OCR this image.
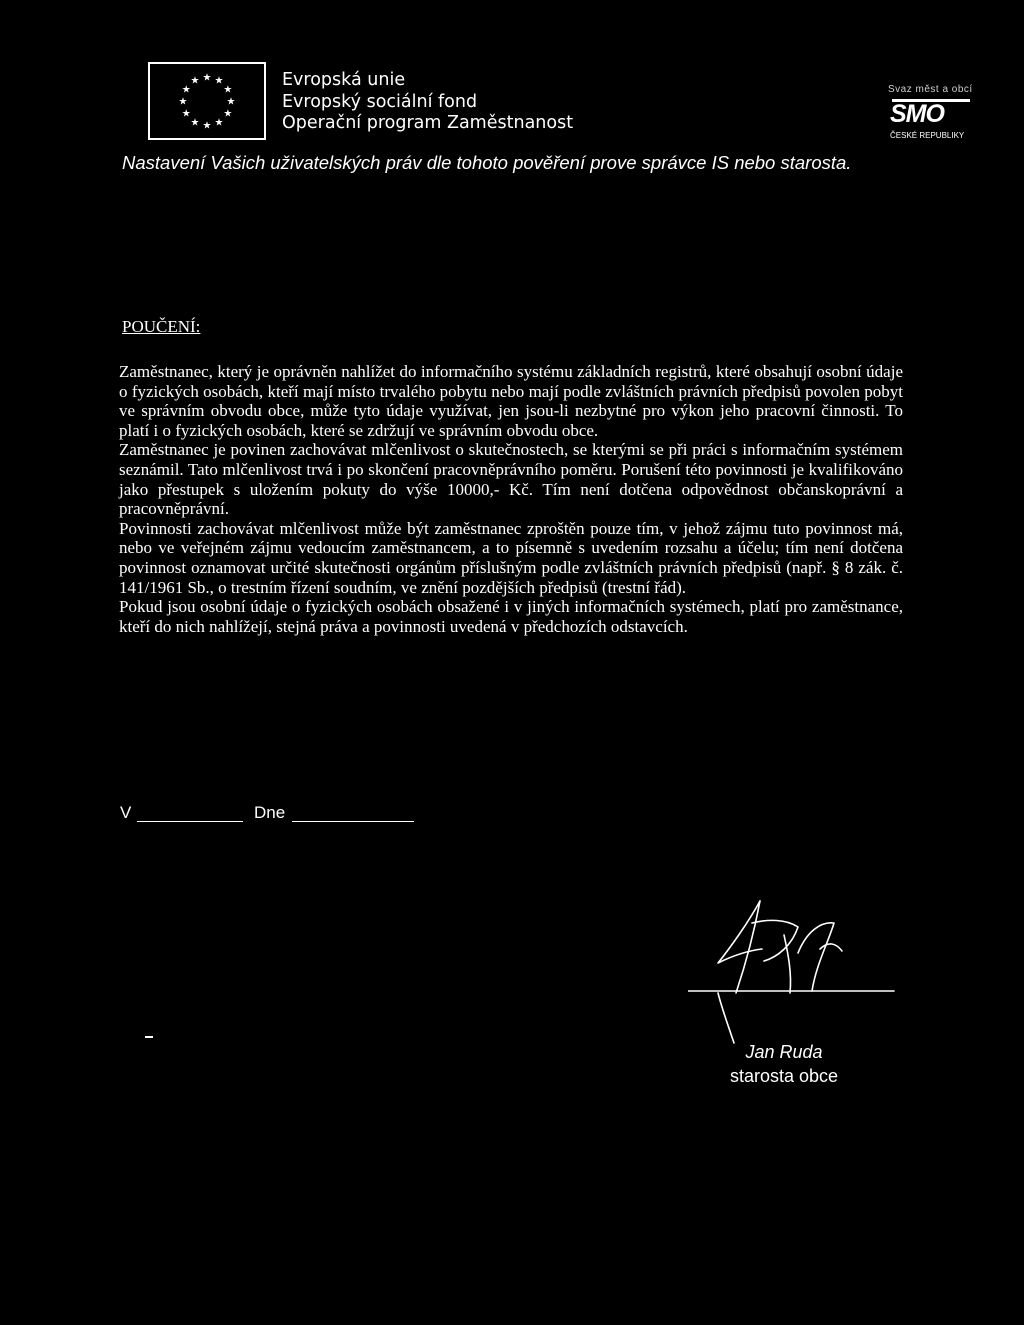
★ ★
★
★
★
★
★
★
★
★
★
★	Evropská unie
Evropský sociální fond
Operační program Zaměstnanost
Svaz měst a obcí
SMO
ČESKÉ REPUBLIKY
Nastavení Vašich uživatelských práv dle tohoto pověření prove správce IS nebo starosta.
POUČENÍ:

Zaměstnanec, který je oprávněn nahlížet do informačního systému základních registrů, které obsahují osobní údaje o fyzických osobách, kteří mají místo trvalého pobytu nebo mají podle zvláštních právních předpisů povolen pobyt ve správním obvodu obce, může tyto údaje využívat, jen jsou-li nezbytné pro výkon jeho pracovní činnosti. To platí i o fyzických osobách, které se zdržují ve správním obvodu obce.

Zaměstnanec je povinen zachovávat mlčenlivost o skutečnostech, se kterými se při práci s informačním systémem seznámil. Tato mlčenlivost trvá i po skončení pracovněprávního poměru. Porušení této povinnosti je kvalifikováno jako přestupek s uložením pokuty do výše 10000,- Kč. Tím není dotčena odpovědnost občanskoprávní a pracovněprávní.

Povinnosti zachovávat mlčenlivost může být zaměstnanec zproštěn pouze tím, v jehož zájmu tuto povinnost má, nebo ve veřejném zájmu vedoucím zaměstnancem, a to písemně s uvedením rozsahu a účelu; tím není dotčena povinnost oznamovat určité skutečnosti orgánům příslušným podle zvláštních právních předpisů (např. § 8 zák. č. 141/1961 Sb., o trestním řízení soudním, ve znění pozdějších předpisů (trestní řád).

Pokud jsou osobní údaje o fyzických osobách obsažené i v jiných informačních systémech, platí pro zaměstnance, kteří do nich nahlížejí, stejná práva a povinnosti uvedená v předchozích odstavcích.

V	Dne
Jan Ruda
starosta obce
